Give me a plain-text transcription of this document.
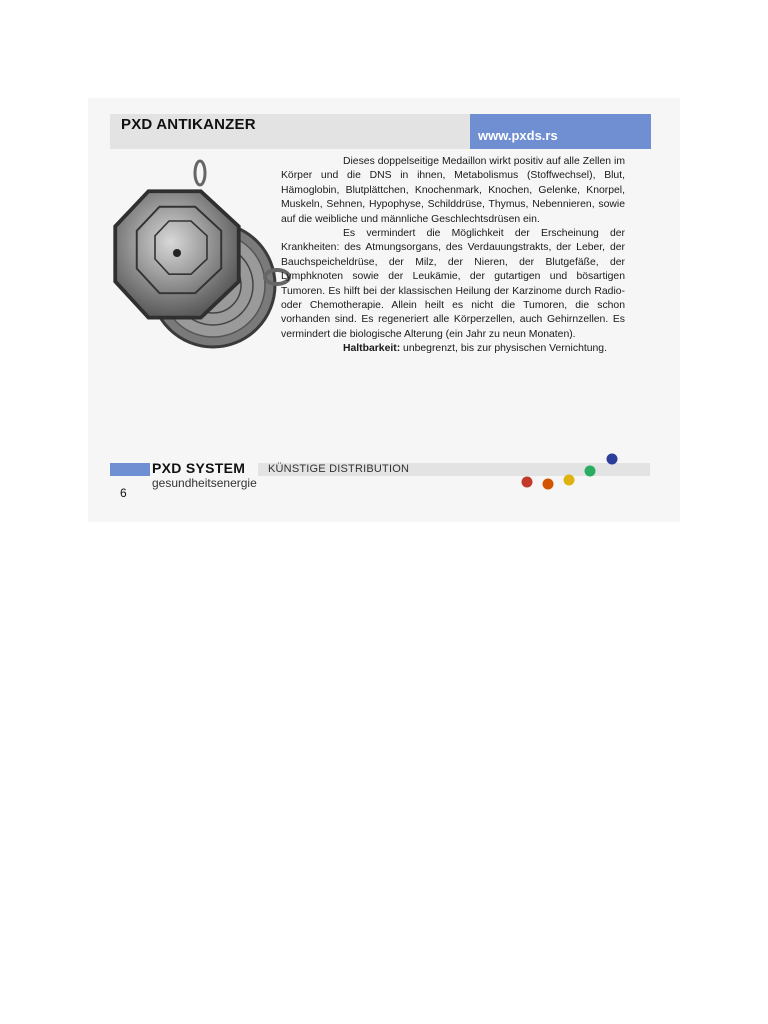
PXD ANTIKANZER
www.pxds.rs

Dieses doppelseitige Medaillon wirkt positiv auf alle Zellen im Körper und die DNS in ihnen, Metabolismus (Stoffwechsel), Blut, Hämoglobin, Blutplättchen, Knochenmark, Knochen, Gelenke, Knorpel, Muskeln, Sehnen, Hypophyse, Schilddrüse, Thymus, Nebennieren, sowie auf die weibliche und männliche Geschlechtsdrüsen ein.

Es vermindert die Möglichkeit der Erscheinung der Krankheiten: des Atmungsorgans, des Verdauungstrakts, der Leber, der Bauchspeicheldrüse, der Milz, der Nieren, der Blutgefäße, der Lymphknoten sowie der Leukämie, der gutartigen und bösartigen Tumoren. Es hilft bei der klassischen Heilung der Karzinome durch Radio- oder Chemotherapie. Allein heilt es nicht die Tumoren, die schon vorhanden sind. Es regeneriert alle Körperzellen, auch Gehirnzellen. Es vermindert die biologische Alterung (ein Jahr zu neun Monaten).

Haltbarkeit: unbegrenzt, bis zur physischen Vernichtung.

PXD SYSTEM
gesundheitsenergie
KÜNSTIGE DISTRIBUTION
6
